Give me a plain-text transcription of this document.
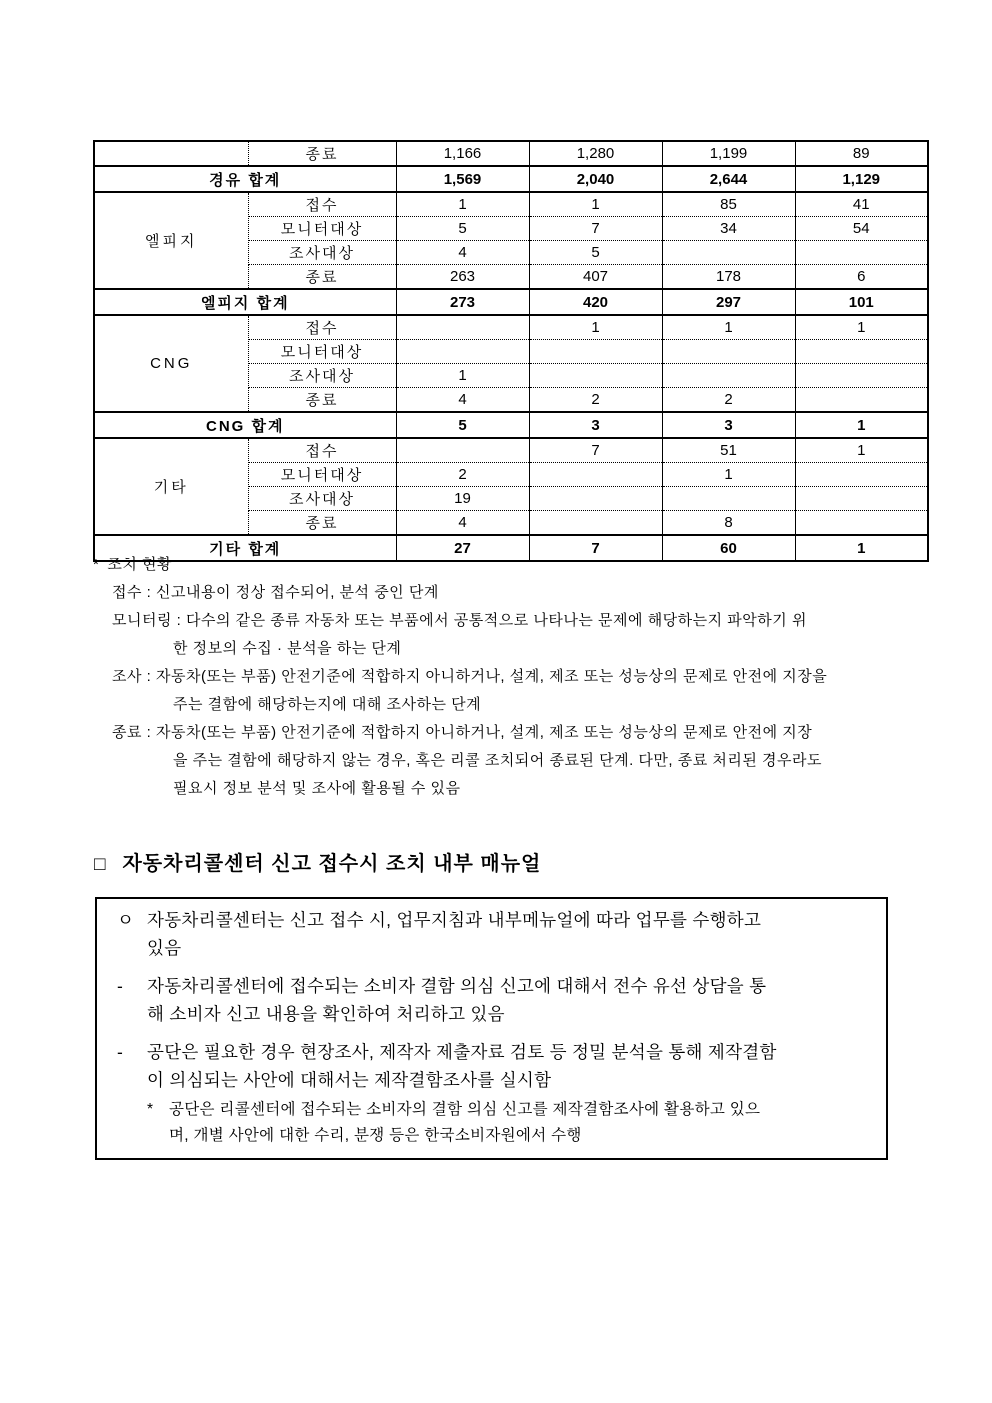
	종료	1,166	1,280	1,199	89
경유 합계		1,569	2,040	2,644	1,129
엘피지	접수	1	1	85	41
	모니터대상	5	7	34	54
	조사대상	4	5		
	종료	263	407	178	6
엘피지 합계		273	420	297	101
CNG	접수		1	1	1
	모니터대상				
	조사대상	1			
	종료	4	2	2	
CNG 합계		5	3	3	1
기타	접수		7	51	1
	모니터대상	2		1	
	조사대상	19			
	종료	4		8	
기타 합계		27	7	60	1
* 조치 현황
접수 : 신고내용이 정상 접수되어, 분석 중인 단계
모니터링 : 다수의 같은 종류 자동차 또는 부품에서 공통적으로 나타나는 문제에 해당하는지 파악하기 위
한 정보의 수집 · 분석을 하는 단계
조사 : 자동차(또는 부품) 안전기준에 적합하지 아니하거나, 설계, 제조 또는 성능상의 문제로 안전에 지장을
주는 결함에 해당하는지에 대해 조사하는 단계
종료 : 자동차(또는 부품) 안전기준에 적합하지 아니하거나, 설계, 제조 또는 성능상의 문제로 안전에 지장
을 주는 결함에 해당하지 않는 경우, 혹은 리콜 조치되어 종료된 단계. 다만, 종료 처리된 경우라도
필요시 정보 분석 및 조사에 활용될 수 있음
□ 자동차리콜센터 신고 접수시 조치 내부 매뉴얼
ㅇ 자동차리콜센터는 신고 접수 시, 업무지침과 내부메뉴얼에 따라 업무를 수행하고
있음
-	자동차리콜센터에 접수되는 소비자 결함 의심 신고에 대해서 전수 유선 상담을 통
해 소비자 신고 내용을 확인하여 처리하고 있음
-	공단은 필요한 경우 현장조사, 제작자 제출자료 검토 등 정밀 분석을 통해 제작결함
이 의심되는 사안에 대해서는 제작결함조사를 실시함
*	공단은 리콜센터에 접수되는 소비자의 결함 의심 신고를 제작결함조사에 활용하고 있으
며, 개별 사안에 대한 수리, 분쟁 등은 한국소비자원에서 수행
